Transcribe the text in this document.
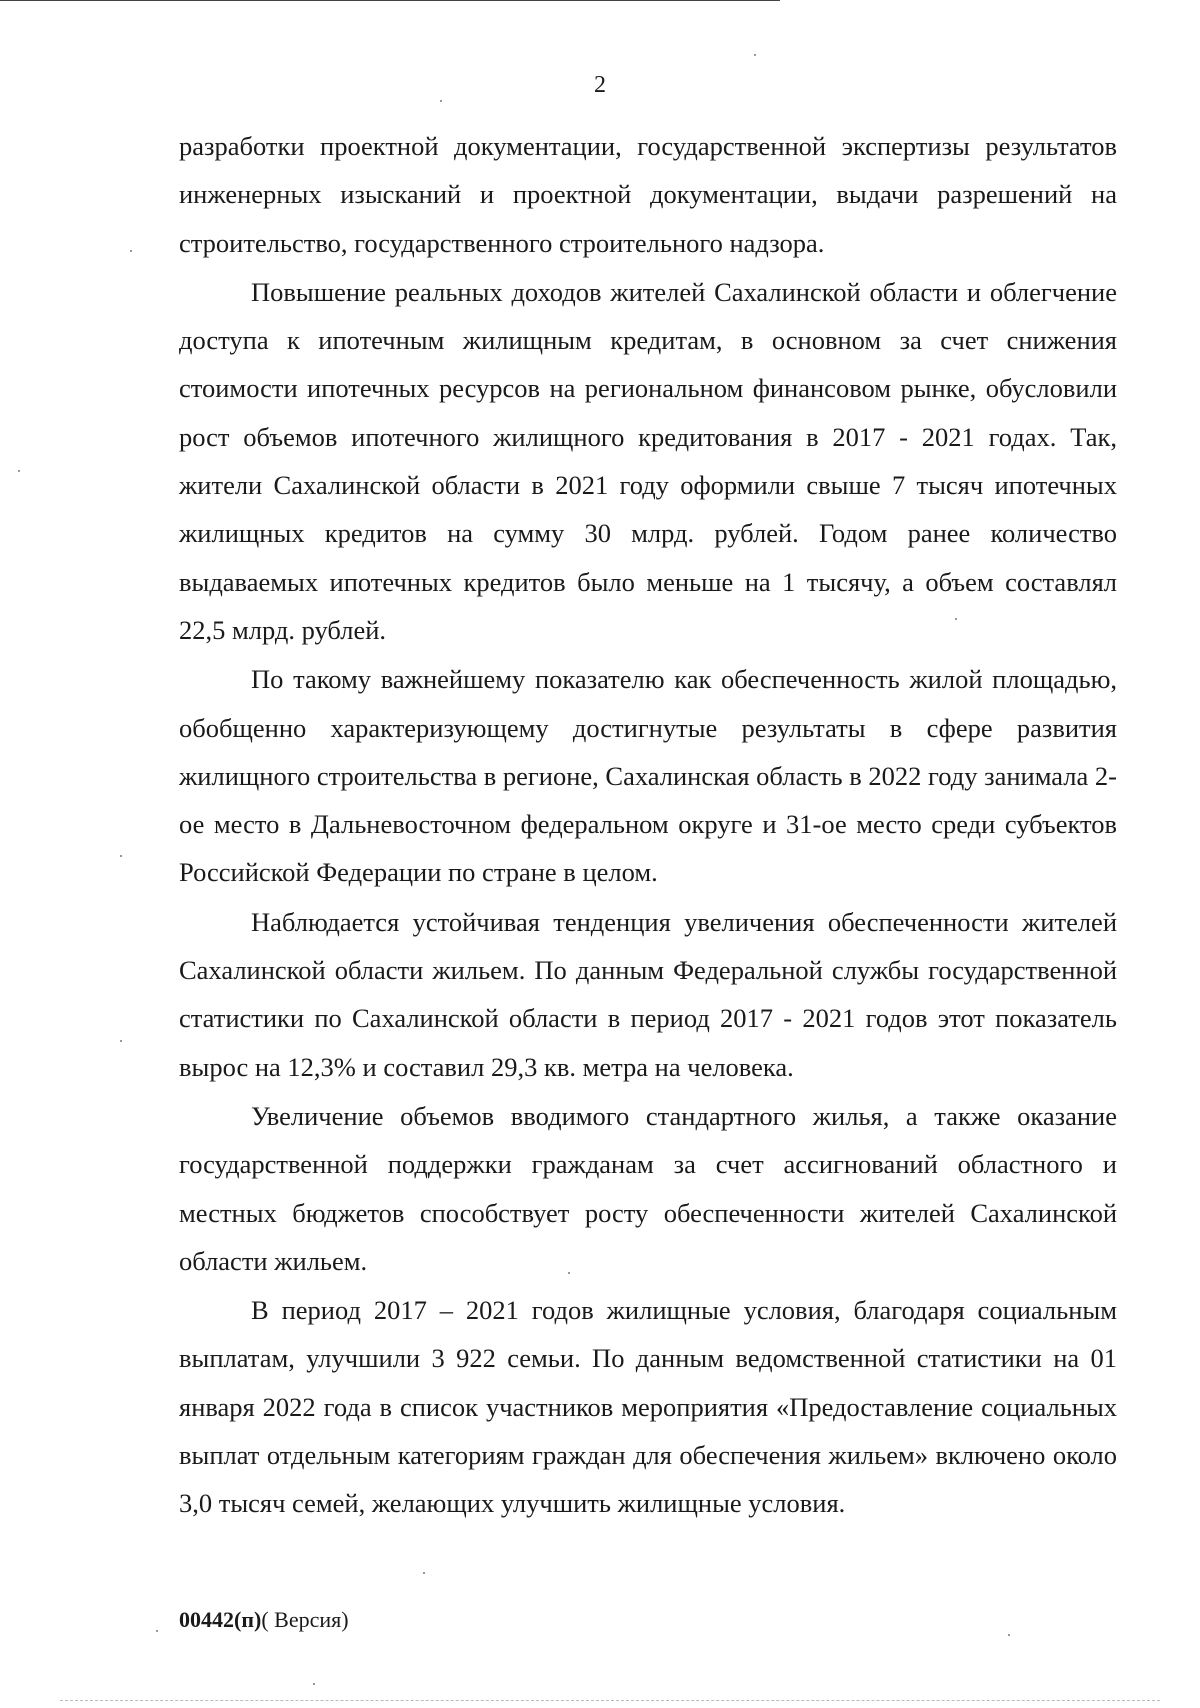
2

разработки проектной документации, государственной экспертизы результатов инженерных изысканий и проектной документации, выдачи разрешений на строительство, государственного строительного надзора.

Повышение реальных доходов жителей Сахалинской области и облегчение доступа к ипотечным жилищным кредитам, в основном за счет снижения стоимости ипотечных ресурсов на региональном финансовом рынке, обусловили рост объемов ипотечного жилищного кредитования в 2017 - 2021 годах. Так, жители Сахалинской области в 2021 году оформили свыше 7 тысяч ипотечных жилищных кредитов на сумму 30 млрд. рублей. Годом ранее количество выдаваемых ипотечных кредитов было меньше на 1 тысячу, а объем составлял 22,5 млрд. рублей.

По такому важнейшему показателю как обеспеченность жилой площадью, обобщенно характеризующему достигнутые результаты в сфере развития жилищного строительства в регионе, Сахалинская область в 2022 году занимала 2-ое место в Дальневосточном федеральном округе и 31-ое место среди субъектов Российской Федерации по стране в целом.

Наблюдается устойчивая тенденция увеличения обеспеченности жителей Сахалинской области жильем. По данным Федеральной службы государственной статистики по Сахалинской области в период 2017 - 2021 годов этот показатель вырос на 12,3% и составил 29,3 кв. метра на человека.

Увеличение объемов вводимого стандартного жилья, а также оказание государственной поддержки гражданам за счет ассигнований областного и местных бюджетов способствует росту обеспеченности жителей Сахалинской области жильем.

В период 2017 – 2021 годов жилищные условия, благодаря социальным выплатам, улучшили 3 922 семьи. По данным ведомственной статистики на 01 января 2022 года в список участников мероприятия «Предоставление социальных выплат отдельным категориям граждан для обеспечения жильем» включено около 3,0 тысяч семей, желающих улучшить жилищные условия.

00442(п)( Версия)
